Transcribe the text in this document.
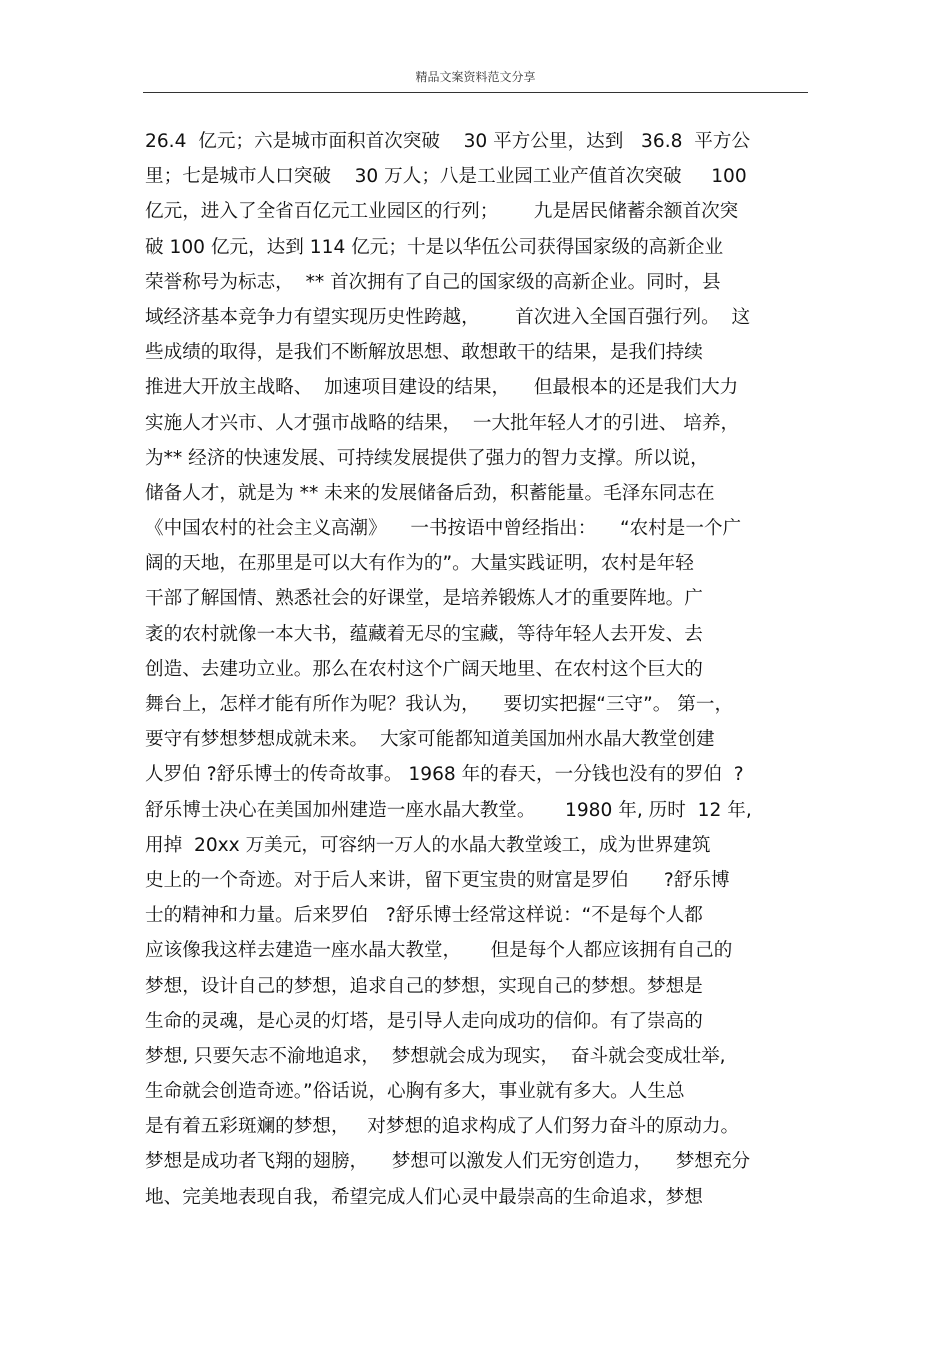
精品文案资料范文分享
26.4  亿元；六是城市面积首次突破    30 平方公里，达到   36.8  平方公
里；七是城市人口突破    30 万人；八是工业园工业产值首次突破     100
亿元，进入了全省百亿元工业园区的行列；      九是居民储蓄余额首次突
破 100 亿元，达到 114 亿元；十是以华伍公司获得国家级的高新企业
荣誉称号为标志，  ** 首次拥有了自己的国家级的高新企业。同时，县
域经济基本竞争力有望实现历史性跨越，      首次进入全国百强行列。  这
些成绩的取得，是我们不断解放思想、敢想敢干的结果，是我们持续
推进大开放主战略、  加速项目建设的结果，    但最根本的还是我们大力
实施人才兴市、人才强市战略的结果，  一大批年轻人才的引进、 培养，
为** 经济的快速发展、可持续发展提供了强力的智力支撑。所以说，
储备人才，就是为 ** 未来的发展储备后劲，积蓄能量。毛泽东同志在
《中国农村的社会主义高潮》    一书按语中曾经指出：    “农村是一个广
阔的天地，在那里是可以大有作为的”。大量实践证明，农村是年轻
干部了解国情、熟悉社会的好课堂，是培养锻炼人才的重要阵地。广
袤的农村就像一本大书，蕴藏着无尽的宝藏，等待年轻人去开发、去
创造、去建功立业。那么在农村这个广阔天地里、在农村这个巨大的
舞台上，怎样才能有所作为呢？我认为，    要切实把握“三守”。 第一，
要守有梦想梦想成就未来。  大家可能都知道美国加州水晶大教堂创建
人罗伯 ?舒乐博士的传奇故事。 1968 年的春天，一分钱也没有的罗伯  ?
舒乐博士决心在美国加州建造一座水晶大教堂。     1980 年, 历时  12 年,
用掉  20xx 万美元，可容纳一万人的水晶大教堂竣工，成为世界建筑
史上的一个奇迹。对于后人来讲，留下更宝贵的财富是罗伯      ?舒乐博
士的精神和力量。后来罗伯   ?舒乐博士经常这样说：“不是每个人都
应该像我这样去建造一座水晶大教堂，     但是每个人都应该拥有自己的
梦想，设计自己的梦想，追求自己的梦想，实现自己的梦想。梦想是
生命的灵魂，是心灵的灯塔，是引导人走向成功的信仰。有了崇高的
梦想, 只要矢志不渝地追求，  梦想就会成为现实，  奋斗就会变成壮举,
生命就会创造奇迹。”俗话说，心胸有多大，事业就有多大。人生总
是有着五彩斑斓的梦想，   对梦想的追求构成了人们努力奋斗的原动力。
梦想是成功者飞翔的翅膀，    梦想可以激发人们无穷创造力，    梦想充分
地、完美地表现自我，希望完成人们心灵中最崇高的生命追求，梦想
